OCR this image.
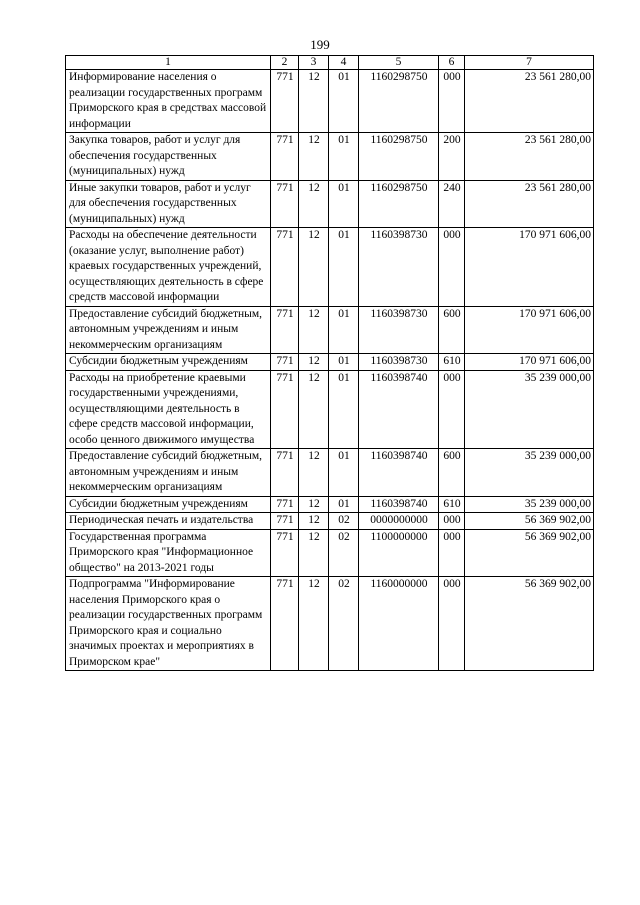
199
1	2	3	4	5	6	7
Информирование населения о реализации государственных программ Приморского края в средствах массовой информации	771	12	01	1160298750	000	23 561 280,00
Закупка товаров, работ и услуг для обеспечения государственных (муниципальных) нужд	771	12	01	1160298750	200	23 561 280,00
Иные закупки товаров, работ и услуг для обеспечения государственных (муниципальных) нужд	771	12	01	1160298750	240	23 561 280,00
Расходы на обеспечение деятельности (оказание услуг, выполнение работ) краевых государственных учреждений, осуществляющих деятельность в сфере средств массовой информации	771	12	01	1160398730	000	170 971 606,00
Предоставление субсидий бюджетным, автономным учреждениям и иным некоммерческим организациям	771	12	01	1160398730	600	170 971 606,00
Субсидии бюджетным учреждениям	771	12	01	1160398730	610	170 971 606,00
Расходы на приобретение краевыми государственными учреждениями, осуществляющими деятельность в сфере средств массовой информации, особо ценного движимого имущества	771	12	01	1160398740	000	35 239 000,00
Предоставление субсидий бюджетным, автономным учреждениям и иным некоммерческим организациям	771	12	01	1160398740	600	35 239 000,00
Субсидии бюджетным учреждениям	771	12	01	1160398740	610	35 239 000,00
Периодическая печать и издательства	771	12	02	0000000000	000	56 369 902,00
Государственная программа Приморского края "Информационное общество" на 2013-2021 годы	771	12	02	1100000000	000	56 369 902,00
Подпрограмма "Информирование населения Приморского края о реализации государственных программ Приморского края и социально значимых проектах и мероприятиях в Приморском крае"	771	12	02	1160000000	000	56 369 902,00
